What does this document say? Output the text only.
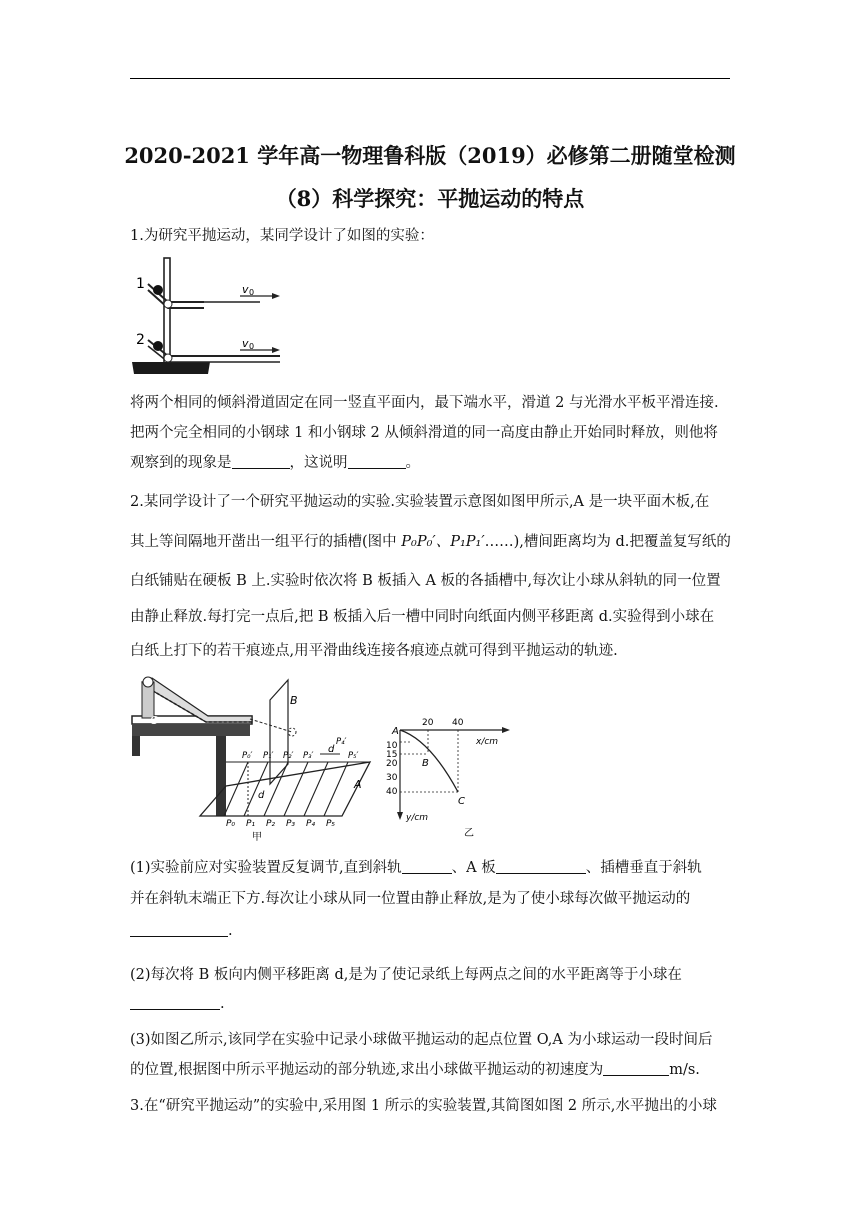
2020-2021 学年高一物理鲁科版（2019）必修第二册随堂检测
（8）科学探究：平抛运动的特点
1.为研究平抛运动，某同学设计了如图的实验：
1
2
v 0
v 0
将两个相同的倾斜滑道固定在同一竖直平面内，最下端水平，滑道 2 与光滑水平板平滑连接.
把两个完全相同的小钢球 1 和小钢球 2 从倾斜滑道的同一高度由静止开始同时释放，则他将
观察到的现象是	，这说明	。
2.某同学设计了一个研究平抛运动的实验.实验装置示意图如图甲所示,A 是一块平面木板,在
其上等间隔地开凿出一组平行的插槽(图中 P₀P₀′、P₁P₁′……),槽间距离均为 d.把覆盖复写纸的
白纸铺贴在硬板 B 上.实验时依次将 B 板插入 A 板的各插槽中,每次让小球从斜轨的同一位置
由静止释放.每打完一点后,把 B 板插入后一槽中同时向纸面内侧平移距离 d.实验得到小球在
白纸上打下的若干痕迹点,用平滑曲线连接各痕迹点就可得到平抛运动的轨迹.
B
C
A
d
d
P₀′ P₁′ P₂′ P₃′
P₄′
P₅′
P₀ P₁ P₂ P₃ P₄ P₅
甲
20 40
10
15
20
30
40
x/cm
y/cm
A
B
C
乙
(1)实验前应对实验装置反复调节,直到斜轨	、A 板	、插槽垂直于斜轨
并在斜轨末端正下方.每次让小球从同一位置由静止释放,是为了使小球每次做平抛运动的
.
(2)每次将 B 板向内侧平移距离 d,是为了使记录纸上每两点之间的水平距离等于小球在
.
(3)如图乙所示,该同学在实验中记录小球做平抛运动的起点位置 O,A 为小球运动一段时间后
的位置,根据图中所示平抛运动的部分轨迹,求出小球做平抛运动的初速度为	m/s.
3.在“研究平抛运动”的实验中,采用图 1 所示的实验装置,其简图如图 2 所示,水平抛出的小球
